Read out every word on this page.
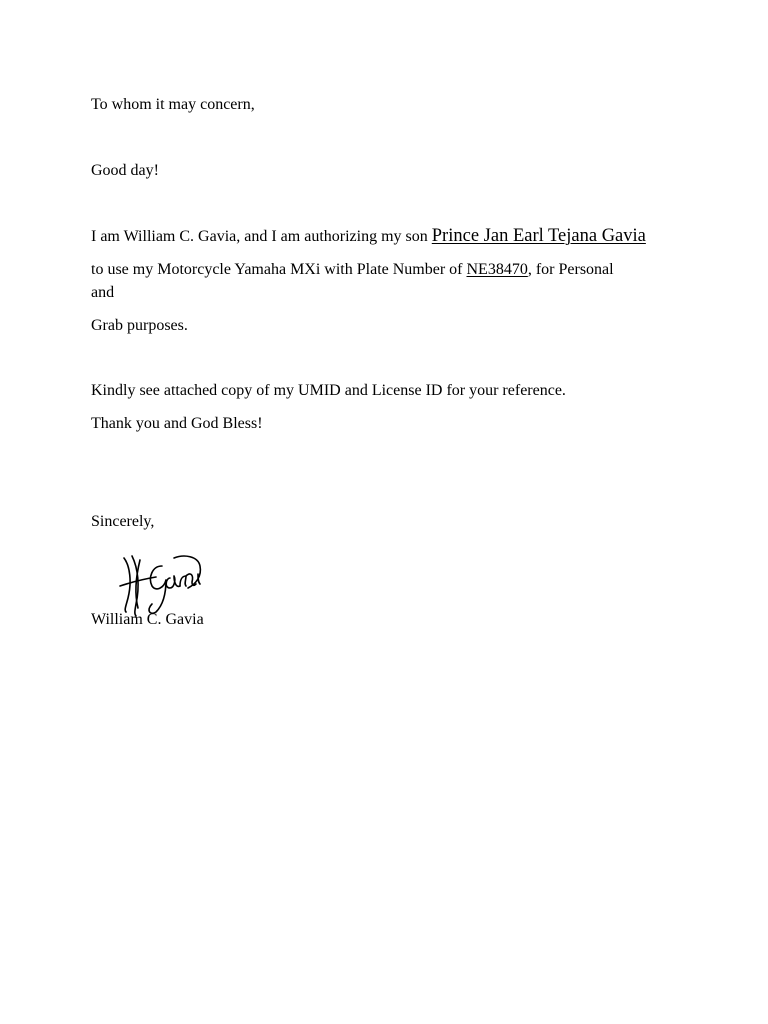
To whom it may concern,
Good day!
I am William C. Gavia, and I am authorizing my son Prince Jan Earl Tejana Gavia
to use my Motorcycle Yamaha MXi with Plate Number of NE38470, for Personal
and
Grab purposes.
Kindly see attached copy of my UMID and License ID for your reference.
Thank you and God Bless!
Sincerely,
William C. Gavia
